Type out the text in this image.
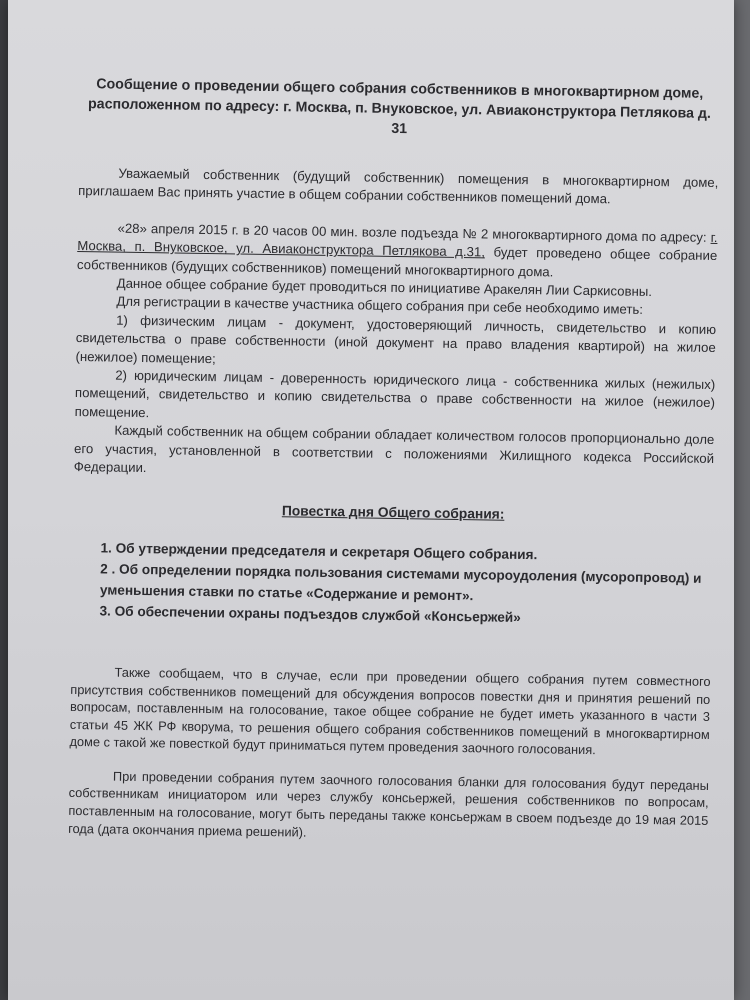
Сообщение о проведении общего собрания собственников в многоквартирном доме, расположенном по адресу: г. Москва, п. Внуковское, ул. Авиаконструктора Петлякова д. 31

Уважаемый собственник (будущий собственник) помещения в многоквартирном доме, приглашаем Вас принять участие в общем собрании собственников помещений дома.

«28» апреля 2015 г. в 20 часов 00 мин. возле подъезда № 2 многоквартирного дома по адресу: г. Москва, п. Внуковское, ул. Авиаконструктора Петлякова д.31, будет проведено общее собрание собственников (будущих собственников) помещений многоквартирного дома.

Данное общее собрание будет проводиться по инициативе Аракелян Лии Саркисовны.

Для регистрации в качестве участника общего собрания при себе необходимо иметь:

1) физическим лицам - документ, удостоверяющий личность, свидетельство и копию свидетельства о праве собственности (иной документ на право владения квартирой) на жилое (нежилое) помещение;

2) юридическим лицам - доверенность юридического лица - собственника жилых (нежилых) помещений, свидетельство и копию свидетельства о праве собственности на жилое (нежилое) помещение.

Каждый собственник на общем собрании обладает количеством голосов пропорционально доле его участия, установленной в соответствии с положениями Жилищного кодекса Российской Федерации.

Повестка дня Общего собрания:
1. Об утверждении председателя и секретаря Общего собрания.
2 . Об определении порядка пользования системами мусороудоления (мусоропровод) и уменьшения ставки по статье «Содержание и ремонт».
3. Об обеспечении охраны подъездов службой «Консьержей»

Также сообщаем, что в случае, если при проведении общего собрания путем совместного присутствия собственников помещений для обсуждения вопросов повестки дня и принятия решений по вопросам, поставленным на голосование, такое общее собрание не будет иметь указанного в части 3 статьи 45 ЖК РФ кворума, то решения общего собрания собственников помещений в многоквартирном доме с такой же повесткой будут приниматься путем проведения заочного голосования.

При проведении собрания путем заочного голосования бланки для голосования будут переданы собственникам инициатором или через службу консьержей, решения собственников по вопросам, поставленным на голосование, могут быть переданы также консьержам в своем подъезде до 19 мая 2015 года (дата окончания приема решений).
